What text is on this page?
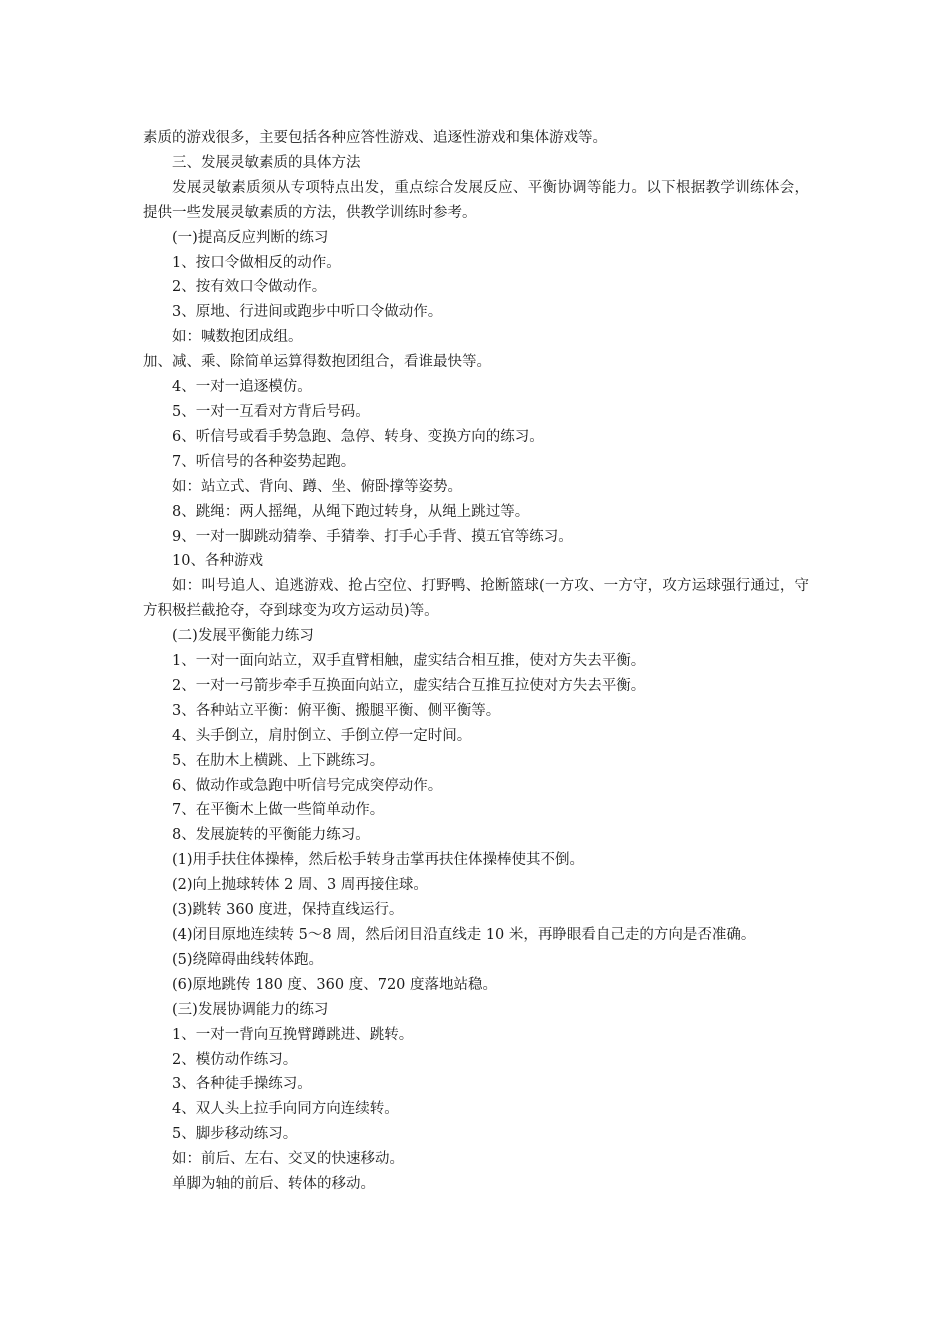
素质的游戏很多，主要包括各种应答性游戏、追逐性游戏和集体游戏等。

三、发展灵敏素质的具体方法

发展灵敏素质须从专项特点出发，重点综合发展反应、平衡协调等能力。以下根据教学训练体会，提供一些发展灵敏素质的方法，供教学训练时参考。

(一)提高反应判断的练习

1、按口令做相反的动作。

2、按有效口令做动作。

3、原地、行进间或跑步中听口令做动作。

如：喊数抱团成组。

加、减、乘、除简单运算得数抱团组合，看谁最快等。

4、一对一追逐模仿。

5、一对一互看对方背后号码。

6、听信号或看手势急跑、急停、转身、变换方向的练习。

7、听信号的各种姿势起跑。

如：站立式、背向、蹲、坐、俯卧撑等姿势。

8、跳绳：两人摇绳，从绳下跑过转身，从绳上跳过等。

9、一对一脚跳动猜拳、手猜拳、打手心手背、摸五官等练习。

10、各种游戏

如：叫号追人、追逃游戏、抢占空位、打野鸭、抢断篮球(一方攻、一方守，攻方运球强行通过，守方积极拦截抢夺，夺到球变为攻方运动员)等。

(二)发展平衡能力练习

1、一对一面向站立，双手直臂相触，虚实结合相互推，使对方失去平衡。

2、一对一弓箭步牵手互换面向站立，虚实结合互推互拉使对方失去平衡。

3、各种站立平衡：俯平衡、搬腿平衡、侧平衡等。

4、头手倒立，肩肘倒立、手倒立停一定时间。

5、在肋木上横跳、上下跳练习。

6、做动作或急跑中听信号完成突停动作。

7、在平衡木上做一些简单动作。

8、发展旋转的平衡能力练习。

(1)用手扶住体操棒，然后松手转身击掌再扶住体操棒使其不倒。

(2)向上抛球转体 2 周、3 周再接住球。

(3)跳转 360 度进，保持直线运行。

(4)闭目原地连续转 5～8 周，然后闭目沿直线走 10 米，再睁眼看自己走的方向是否准确。

(5)绕障碍曲线转体跑。

(6)原地跳传 180 度、360 度、720 度落地站稳。

(三)发展协调能力的练习

1、一对一背向互挽臂蹲跳进、跳转。

2、模仿动作练习。

3、各种徒手操练习。

4、双人头上拉手向同方向连续转。

5、脚步移动练习。

如：前后、左右、交叉的快速移动。

单脚为轴的前后、转体的移动。
